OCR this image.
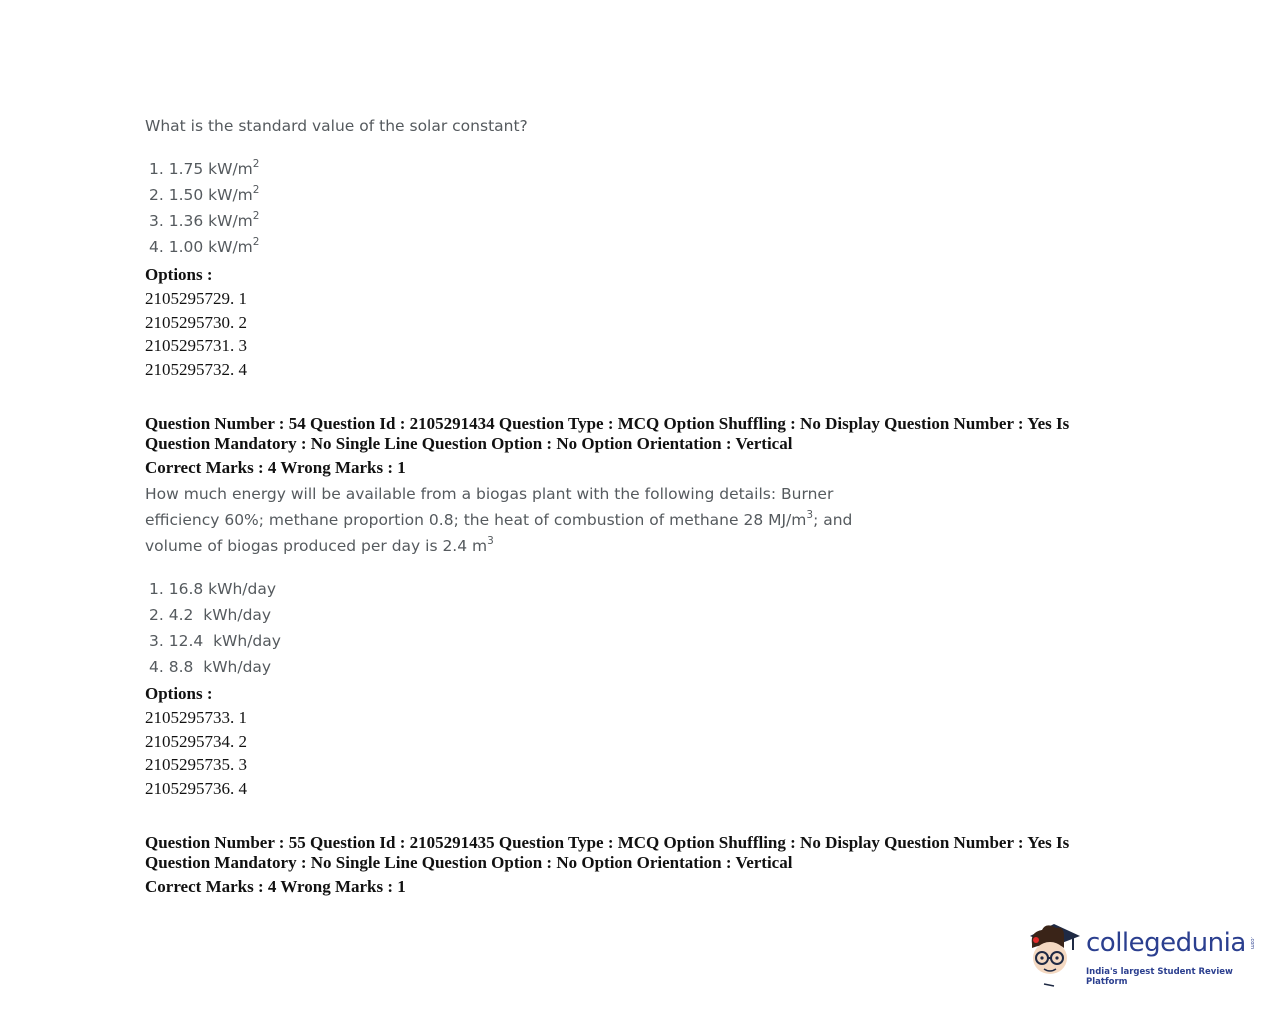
What is the standard value of the solar constant?
1. 1.75 $kW/m^2$
2. 1.50 $kW/m^2$
3. 1.36 $kW/m^2$
4. 1.00 $kW/m^2$
Options :
2105295729. 1
2105295730. 2
2105295731. 3
2105295732. 4
Question Number : 54 Question Id : 2105291434 Question Type : MCQ Option Shuffling : No Display Question Number : Yes Is
Question Mandatory : No Single Line Question Option : No Option Orientation : Vertical
Correct Marks : 4 Wrong Marks : 1
How much energy will be available from a biogas plant with the following details: Burner
efficiency 60%; methane proportion 0.8; the heat of combustion of methane 28 $MJ/m^3$; and
volume of biogas produced per day is 2.4 $m^3$
1. 16.8 kWh/day
2. 4.2  kWh/day
3. 12.4  kWh/day
4. 8.8  kWh/day
Options :
2105295733. 1
2105295734. 2
2105295735. 3
2105295736. 4
Question Number : 55 Question Id : 2105291435 Question Type : MCQ Option Shuffling : No Display Question Number : Yes Is
Question Mandatory : No Single Line Question Option : No Option Orientation : Vertical
Correct Marks : 4 Wrong Marks : 1
collegedunia .com
India's largest Student Review Platform
